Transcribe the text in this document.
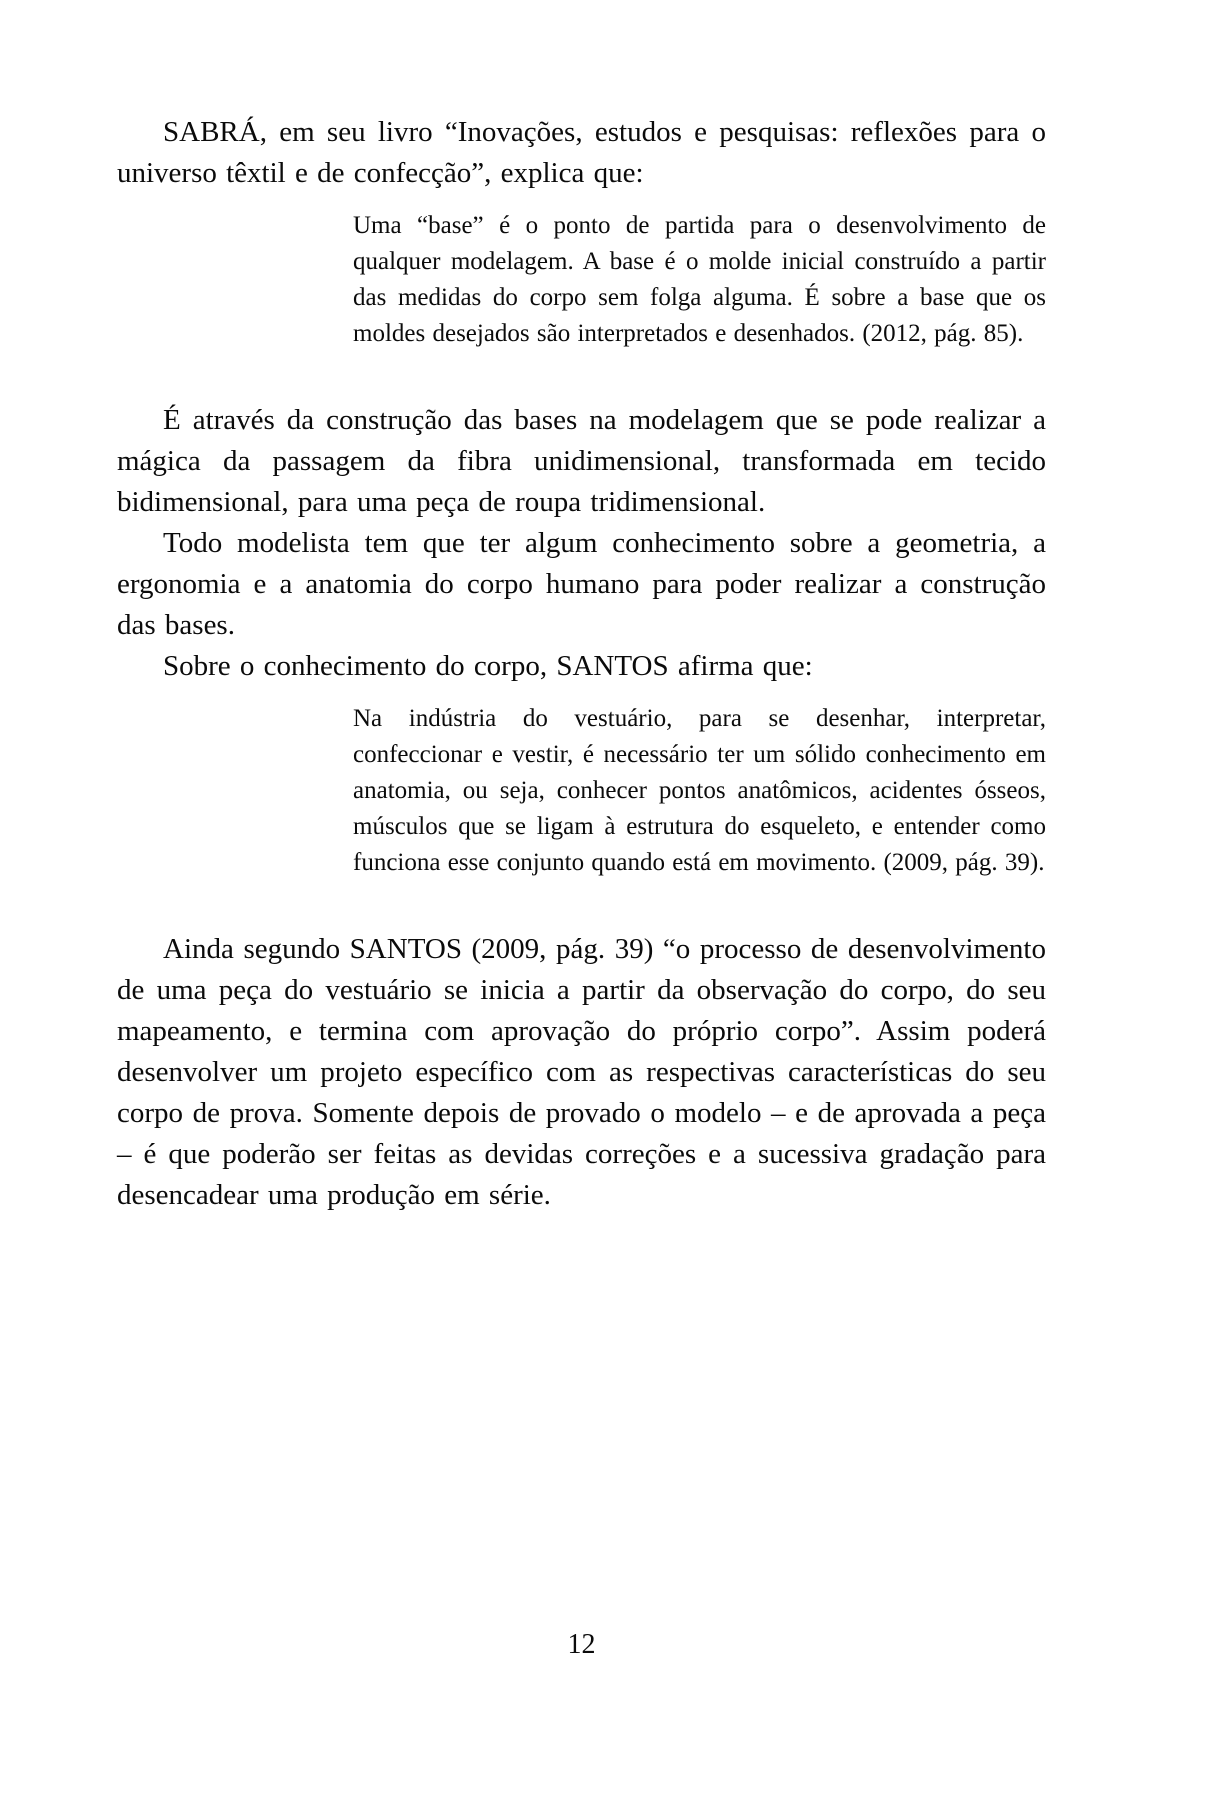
SABRÁ, em seu livro “Inovações, estudos e pesquisas: reflexões para o universo têxtil e de confecção”, explica que:

Uma “base” é o ponto de partida para o desenvolvimento de qualquer modelagem. A base é o molde inicial construído a partir das medidas do corpo sem folga alguma. É sobre a base que os moldes desejados são interpretados e desenhados. (2012, pág. 85).

É através da construção das bases na modelagem que se pode realizar a mágica da passagem da fibra unidimensional, transformada em tecido bidimensional, para uma peça de roupa tridimensional.

Todo modelista tem que ter algum conhecimento sobre a geometria, a ergonomia e a anatomia do corpo humano para poder realizar a construção das bases.

Sobre o conhecimento do corpo, SANTOS afirma que:

Na indústria do vestuário, para se desenhar, interpretar, confeccionar e vestir, é necessário ter um sólido conhecimento em anatomia, ou seja, conhecer pontos anatômicos, acidentes ósseos, músculos que se ligam à estrutura do esqueleto, e entender como funciona esse conjunto quando está em movimento. (2009, pág. 39).

Ainda segundo SANTOS (2009, pág. 39) “o processo de desenvolvimento de uma peça do vestuário se inicia a partir da observação do corpo, do seu mapeamento, e termina com aprovação do próprio corpo”. Assim poderá desenvolver um projeto específico com as respectivas características do seu corpo de prova. Somente depois de provado o modelo – e de aprovada a peça – é que poderão ser feitas as devidas correções e a sucessiva gradação para desencadear uma produção em série.

12
